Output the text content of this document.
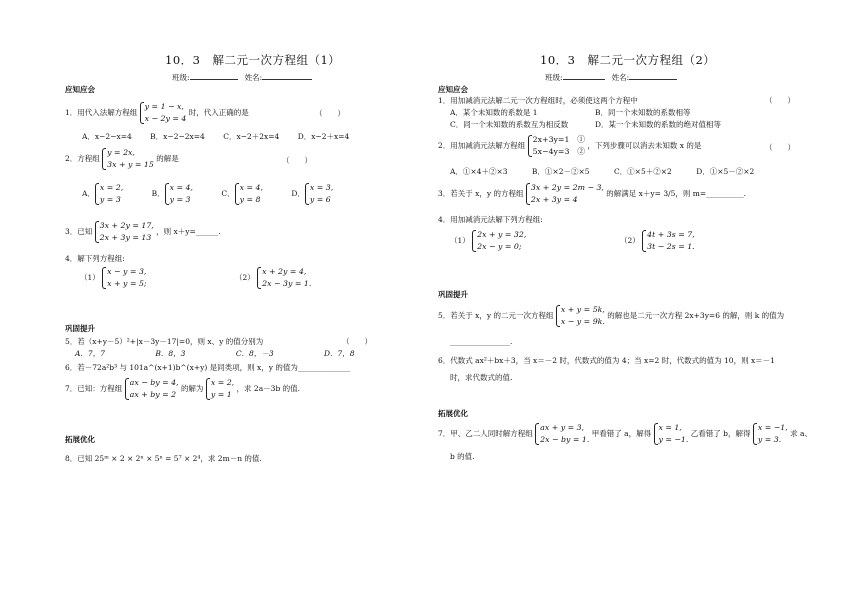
10．3　解二元一次方程组（1）
班级:	姓名:
应知应会
1．用代入法解方程组
y = 1 − x,
x − 2y = 4
时，代入正确的是	（　　）
A．x−2−x=4 B．x−2−2x=4 C．x−2＋2x=4 D．x−2＋x=4
2．方程组
y = 2x,
3x + y = 15
的解是	（　　）
A．
x = 2,
y = 3
B．
x = 4,
y = 3
C．
x = 4,
y = 8
D．
x = 3,
y = 6
3．已知
3x + 2y = 17,
2x + 3y = 13
，则 x＋y=______.
4．解下列方程组:
（1）
x − y = 3,
x + y = 5;
（2）
x + 2y = 4,
2x − 3y = 1.
巩固提升
5．若（x+y－5）²+|x－3y－17|=0，则 x、y 的值分别为	（　　）
A．7，7	B．8，3	C．8，－3	D．7，8
6．若－72a²b³ 与 101a^(x+1)b^(x+y) 是同类项，则 x，y 的值为______________
7．已知：方程组
ax − by = 4,
ax + by = 2
的解为
x = 2,
y = 1
，求 2a－3b 的值.
拓展优化
8．已知 25ᵐ × 2 × 2ⁿ × 5ⁿ = 5⁷ × 2⁴，求 2m－n 的值.
10．3　解二元一次方程组（2）
班级:	姓名:
应知应会
1．用加减消元法解二元一次方程组时，必须使这两个方程中	（　　）
A．某个未知数的系数是 1	B．同一个未知数的系数相等
C．同一个未知数的系数互为相反数	D．某一个未知数的系数的绝对值相等
2．用加减消元法解方程组
2x+3y=1　①
5x−4y=3　②
，下列步骤可以消去未知数 x 的是	（　　）
A．①×4＋②×3	B．①×2－②×5	C．①×5＋②×2	D．①×5－②×2
3．若关于 x，y 的方程组
3x + 2y = 2m − 3,
2x + 3y = 4
的解满足 x＋y= 3/5，则 m=__________.
4．用加减消元法解下列方程组:
（1）
2x + y = 32,
2x − y = 0;
（2）
4t + 3s = 7,
3t − 2s = 1.
巩固提升
5．若关于 x，y 的二元一次方程组
x + y = 5k,
x − y = 9k.
的解也是二元一次方程 2x+3y=6 的解，则 k 的值为
________________.
6．代数式 ax²＋bx＋3，当 x＝－2 时，代数式的值为 4；当 x=2 时，代数式的值为 10，则 x＝－1
时，求代数式的值.
拓展优化
7．甲、乙二人同时解方程组
ax + y = 3,
2x − by = 1.
甲看错了 a，解得
x = 1,
y = −1.
乙看错了 b，解得
x = −1,
y = 3.
求 a、
b 的值.
